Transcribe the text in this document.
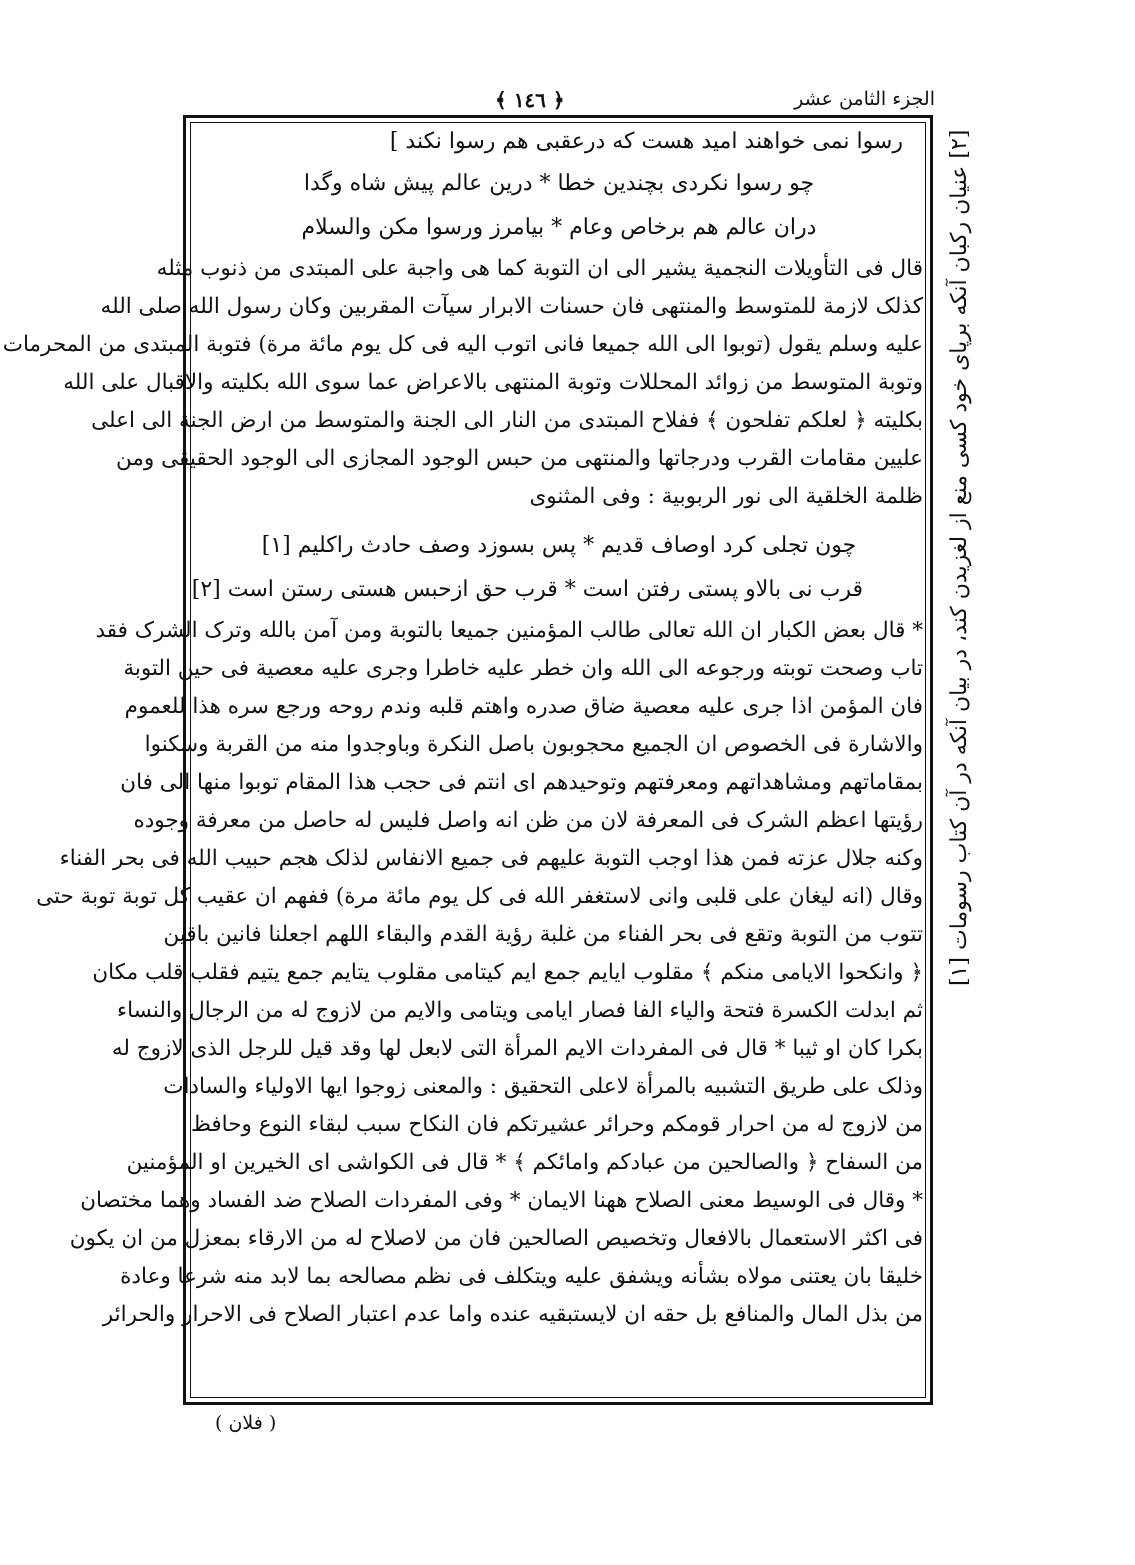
الجزء الثامن عشر
﴿ ١٤٦ ﴾
رسوا نمی خواهند امید هست که درعقبی هم رسوا نکند ]
چو رسوا نکردی بچندین خطا * درین عالم پیش شاه وگدا
دران عالم هم برخاص وعام * بیامرز ورسوا مکن والسلام
قال فی التأویلات النجمیة یشیر الی ان التوبة کما هی واجبة علی المبتدی من ذنوب مثله
کذلک لازمة للمتوسط والمنتهی فان حسنات الابرار سیآت المقربین وکان رسول الله صلی الله
علیه وسلم یقول (توبوا الی الله جمیعا فانی اتوب الیه فی کل یوم مائة مرة) فتوبة المبتدی من المحرمات
وتوبة المتوسط من زوائد المحللات وتوبة المنتهی بالاعراض عما سوی الله بکلیته والاقبال علی الله
بکلیته ﴿ لعلکم تفلحون ﴾ ففلاح المبتدی من النار الی الجنة والمتوسط من ارض الجنة الی اعلی
علیین مقامات القرب ودرجاتها والمنتهی من حبس الوجود المجازی الی الوجود الحقیقی ومن
ظلمة الخلقیة الی نور الربوبیة : وفی المثنوی
چون تجلی کرد اوصاف قدیم * پس بسوزد وصف حادث راکلیم [١]
قرب نی بالاو پستی رفتن است * قرب حق ازحبس هستی رستن است [٢]
* قال بعض الکبار ان الله تعالی طالب المؤمنین جمیعا بالتوبة ومن آمن بالله وترک الشرک فقد
تاب وصحت توبته ورجوعه الی الله وان خطر علیه خاطرا وجری علیه معصیة فی حین التوبة
فان المؤمن اذا جری علیه معصیة ضاق صدره واهتم قلبه وندم روحه ورجع سره هذا للعموم
والاشارة فی الخصوص ان الجمیع محجوبون باصل النکرة وباوجدوا منه من القربة وسکنوا
بمقاماتهم ومشاهداتهم ومعرفتهم وتوحیدهم ای انتم فی حجب هذا المقام توبوا منها الی فان
رؤیتها اعظم الشرک فی المعرفة لان من ظن انه واصل فلیس له حاصل من معرفة وجوده
وکنه جلال عزته فمن هذا اوجب التوبة علیهم فی جمیع الانفاس لذلک هجم حبیب الله فی بحر الفناء
وقال (انه لیغان علی قلبی وانی لاستغفر الله فی کل یوم مائة مرة) ففهم ان عقیب کل توبة توبة حتی
تتوب من التوبة وتقع فی بحر الفناء من غلبة رؤیة القدم والبقاء اللهم اجعلنا فانین باقین
﴿ وانکحوا الایامی منکم ﴾ مقلوب ایایم جمع ایم کیتامی مقلوب یتایم جمع یتیم فقلب قلب مکان
ثم ابدلت الکسرة فتحة والیاء الفا فصار ایامی ویتامی والایم من لازوج له من الرجال والنساء
بکرا کان او ثیبا * قال فی المفردات الایم المرأة التی لابعل لها وقد قیل للرجل الذی لازوج له
وذلک علی طریق التشبیه بالمرأة لاعلی التحقیق : والمعنی زوجوا ایها الاولیاء والسادات
من لازوج له من احرار قومکم وحرائر عشیرتکم فان النکاح سبب لبقاء النوع وحافظ
من السفاح ﴿ والصالحین من عبادکم وامائکم ﴾ * قال فی الکواشی ای الخیرین او المؤمنین
* وقال فی الوسیط معنی الصلاح ههنا الایمان * وفی المفردات الصلاح ضد الفساد وهما مختصان
فی اکثر الاستعمال بالافعال وتخصیص الصالحین فان من لاصلاح له من الارقاء بمعزل من ان یکون
خلیقا بان یعتنی مولاه بشأنه ویشفق علیه ویتکلف فی نظم مصالحه بما لابد منه شرعا وعادة
من بذل المال والمنافع بل حقه ان لایستبقیه عنده واما عدم اعتبار الصلاح فی الاحرار والحرائر
[٢] عنیان رکبان آنکه برپای خود کسی منع از لغزیدن کند، در بیان آنکه در آن کتاب رسومات [١]
( فلان )
